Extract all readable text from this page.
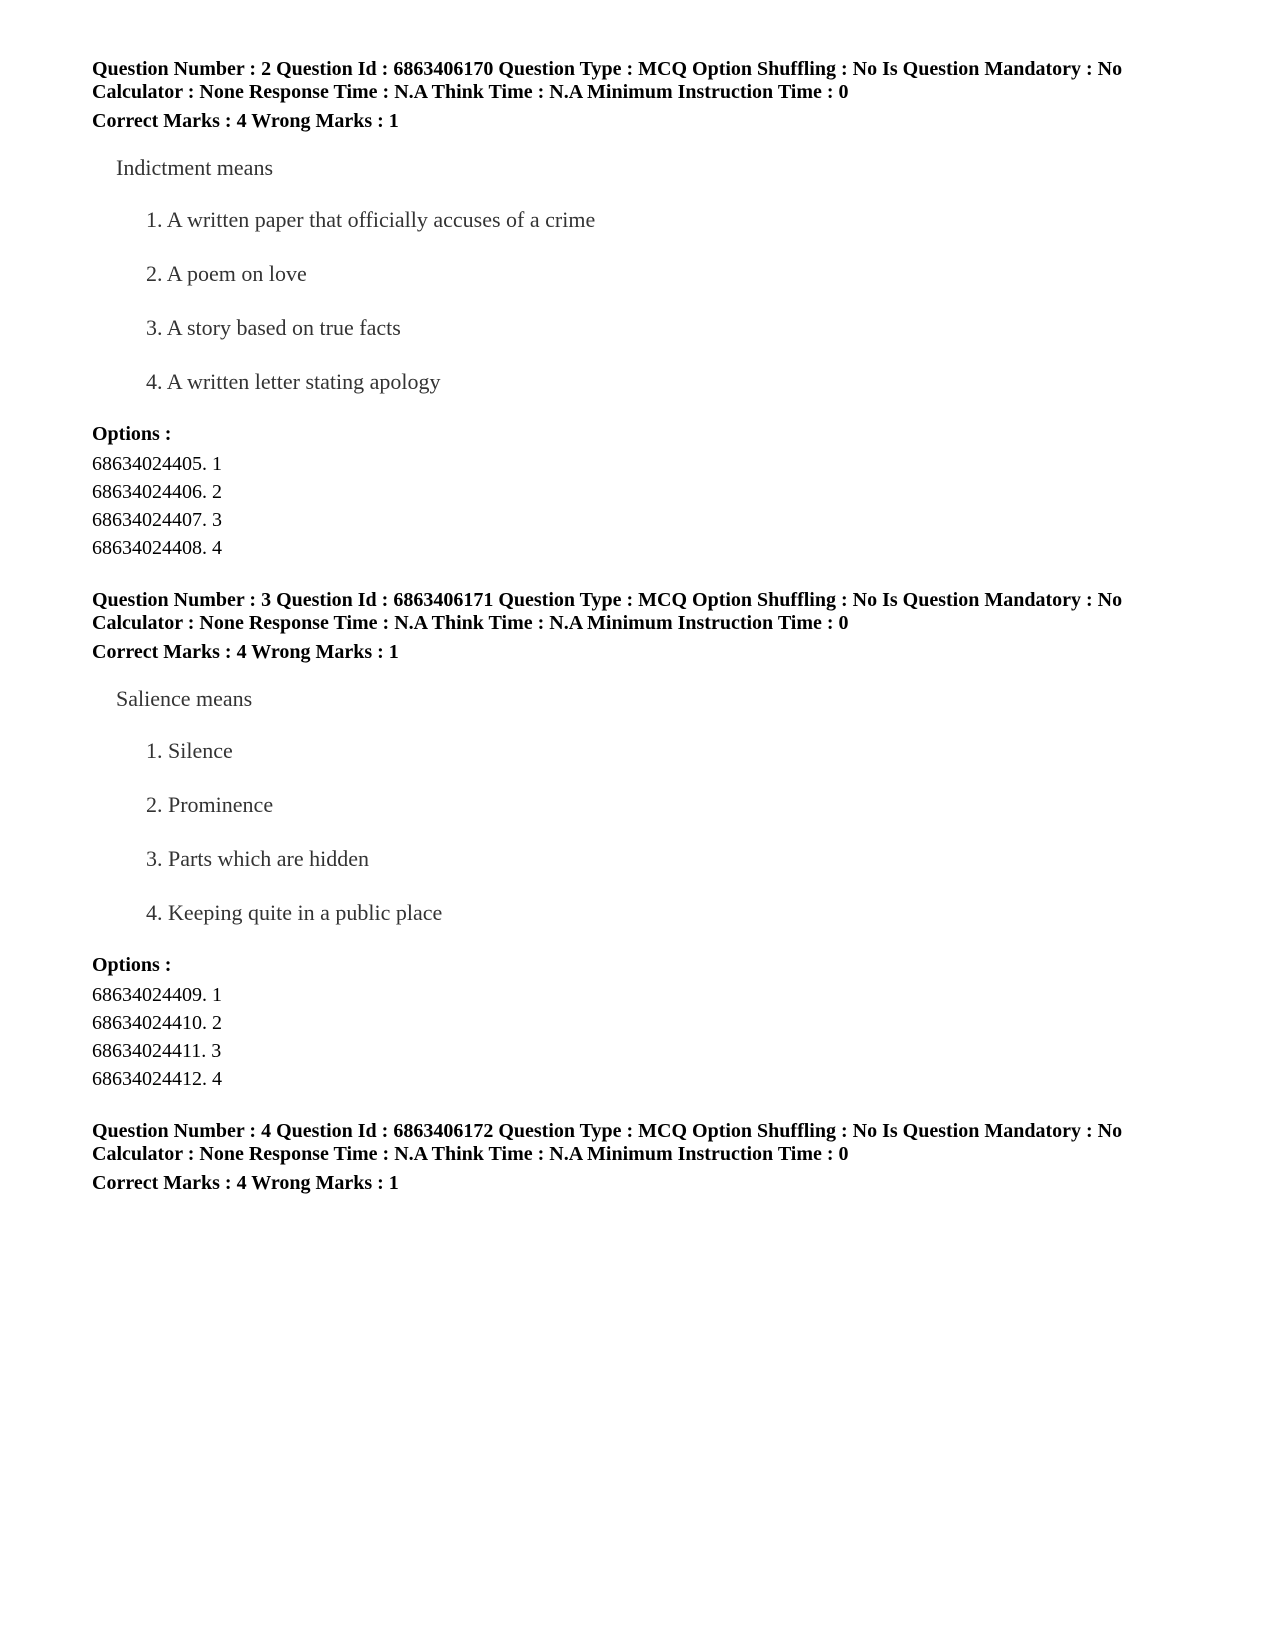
Question Number : 2 Question Id : 6863406170 Question Type : MCQ Option Shuffling : No Is Question Mandatory : No

Calculator : None Response Time : N.A Think Time : N.A Minimum Instruction Time : 0

Correct Marks : 4 Wrong Marks : 1

Indictment means

1. A written paper that officially accuses of a crime
2. A poem on love
3. A story based on true facts
4. A written letter stating apology
Options :
68634024405. 1
68634024406. 2
68634024407. 3
68634024408. 4

Question Number : 3 Question Id : 6863406171 Question Type : MCQ Option Shuffling : No Is Question Mandatory : No

Calculator : None Response Time : N.A Think Time : N.A Minimum Instruction Time : 0

Correct Marks : 4 Wrong Marks : 1

Salience means

1. Silence
2. Prominence
3. Parts which are hidden
4. Keeping quite in a public place
Options :
68634024409. 1
68634024410. 2
68634024411. 3
68634024412. 4

Question Number : 4 Question Id : 6863406172 Question Type : MCQ Option Shuffling : No Is Question Mandatory : No

Calculator : None Response Time : N.A Think Time : N.A Minimum Instruction Time : 0

Correct Marks : 4 Wrong Marks : 1
